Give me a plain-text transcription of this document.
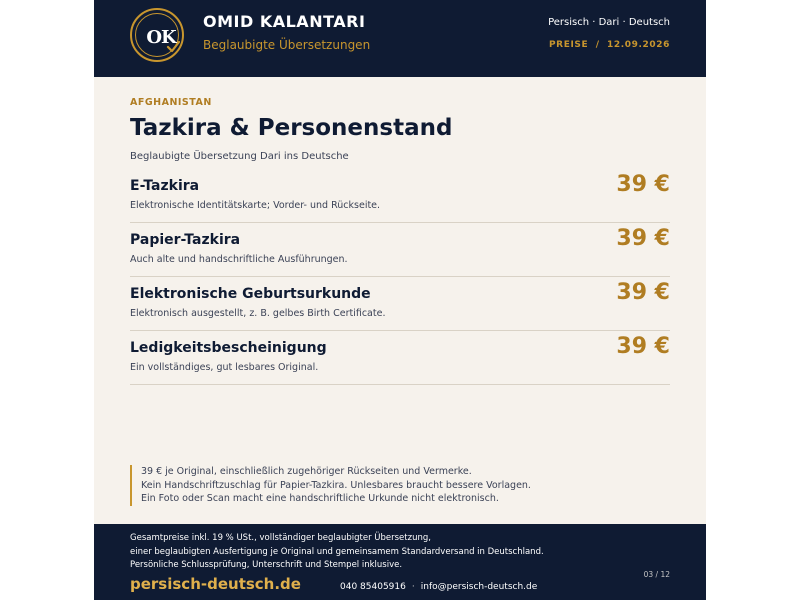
OK
OMID KALANTARI
Beglaubigte Übersetzungen
Persisch · Dari · Deutsch
PREISE  /  12.09.2026
AFGHANISTAN
Tazkira & Personenstand
Beglaubigte Übersetzung Dari ins Deutsche
E-Tazkira
Elektronische Identitätskarte; Vorder- und Rückseite.
39 €
Papier-Tazkira
Auch alte und handschriftliche Ausführungen.
39 €
Elektronische Geburtsurkunde
Elektronisch ausgestellt, z. B. gelbes Birth Certificate.
39 €
Ledigkeitsbescheinigung
Ein vollständiges, gut lesbares Original.
39 €
39 € je Original, einschließlich zugehöriger Rückseiten und Vermerke.
Kein Handschriftzuschlag für Papier-Tazkira. Unlesbares braucht bessere Vorlagen.
Ein Foto oder Scan macht eine handschriftliche Urkunde nicht elektronisch.
Gesamtpreise inkl. 19 % USt., vollständiger beglaubigter Übersetzung,
einer beglaubigten Ausfertigung je Original und gemeinsamem Standardversand in Deutschland.
Persönliche Schlussprüfung, Unterschrift und Stempel inklusive.
persisch-deutsch.de	040 85405916 · info@persisch-deutsch.de
03 / 12
